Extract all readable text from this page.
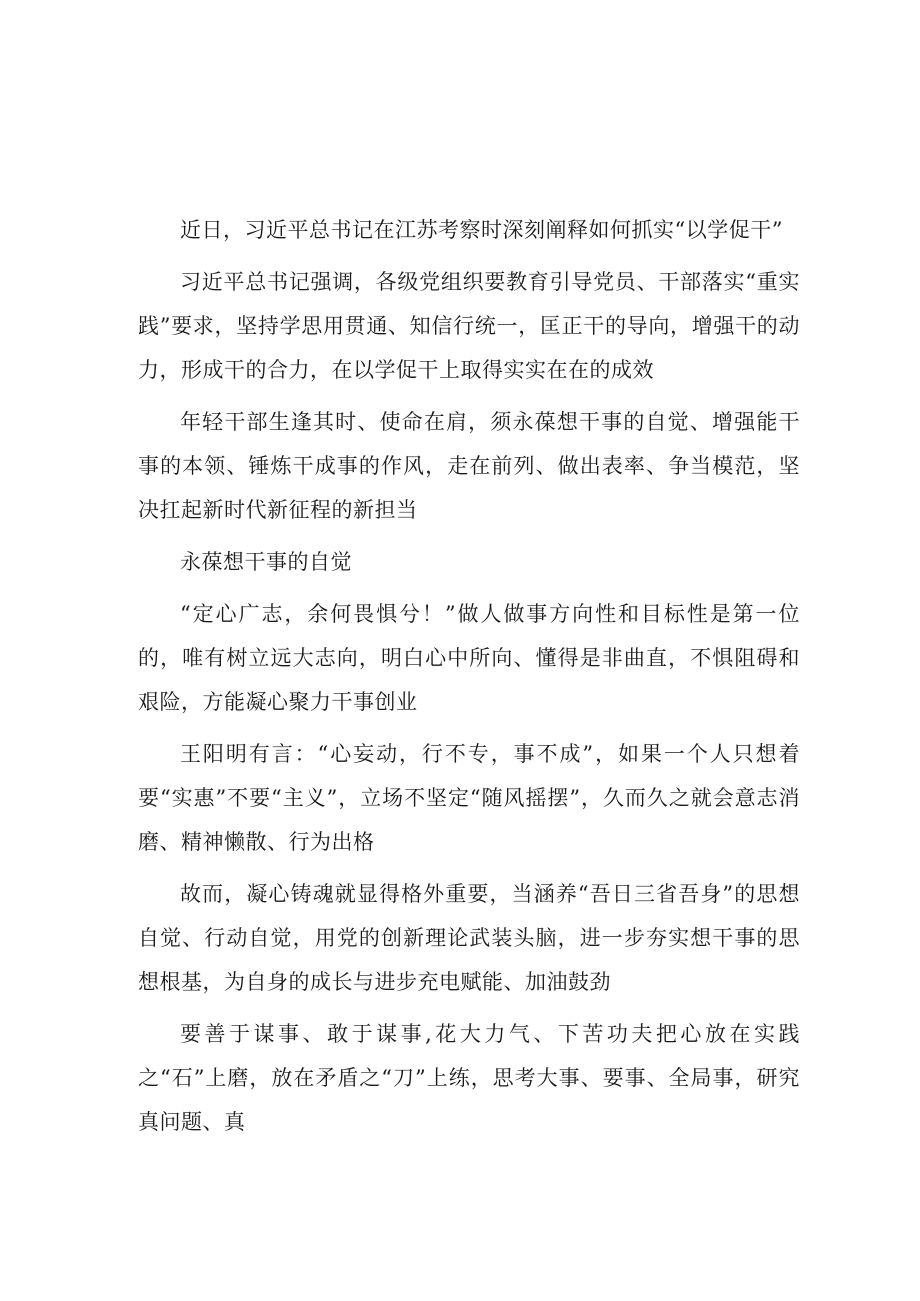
近日，习近平总书记在江苏考察时深刻阐释如何抓实“以学促干”

习近平总书记强调，各级党组织要教育引导党员、干部落实“重实践”要求，坚持学思用贯通、知信行统一，匡正干的导向，增强干的动力，形成干的合力，在以学促干上取得实实在在的成效

年轻干部生逢其时、使命在肩，须永葆想干事的自觉、增强能干事的本领、锤炼干成事的作风，走在前列、做出表率、争当模范，坚决扛起新时代新征程的新担当

永葆想干事的自觉

“定心广志，余何畏惧兮！”做人做事方向性和目标性是第一位的，唯有树立远大志向，明白心中所向、懂得是非曲直，不惧阻碍和艰险，方能凝心聚力干事创业

王阳明有言：“心妄动，行不专，事不成”，如果一个人只想着要“实惠”不要“主义”，立场不坚定“随风摇摆”，久而久之就会意志消磨、精神懒散、行为出格

故而，凝心铸魂就显得格外重要，当涵养“吾日三省吾身”的思想自觉、行动自觉，用党的创新理论武装头脑，进一步夯实想干事的思想根基，为自身的成长与进步充电赋能、加油鼓劲

要善于谋事、敢于谋事,花大力气、下苦功夫把心放在实践之“石”上磨，放在矛盾之“刀”上练，思考大事、要事、全局事，研究真问题、真
